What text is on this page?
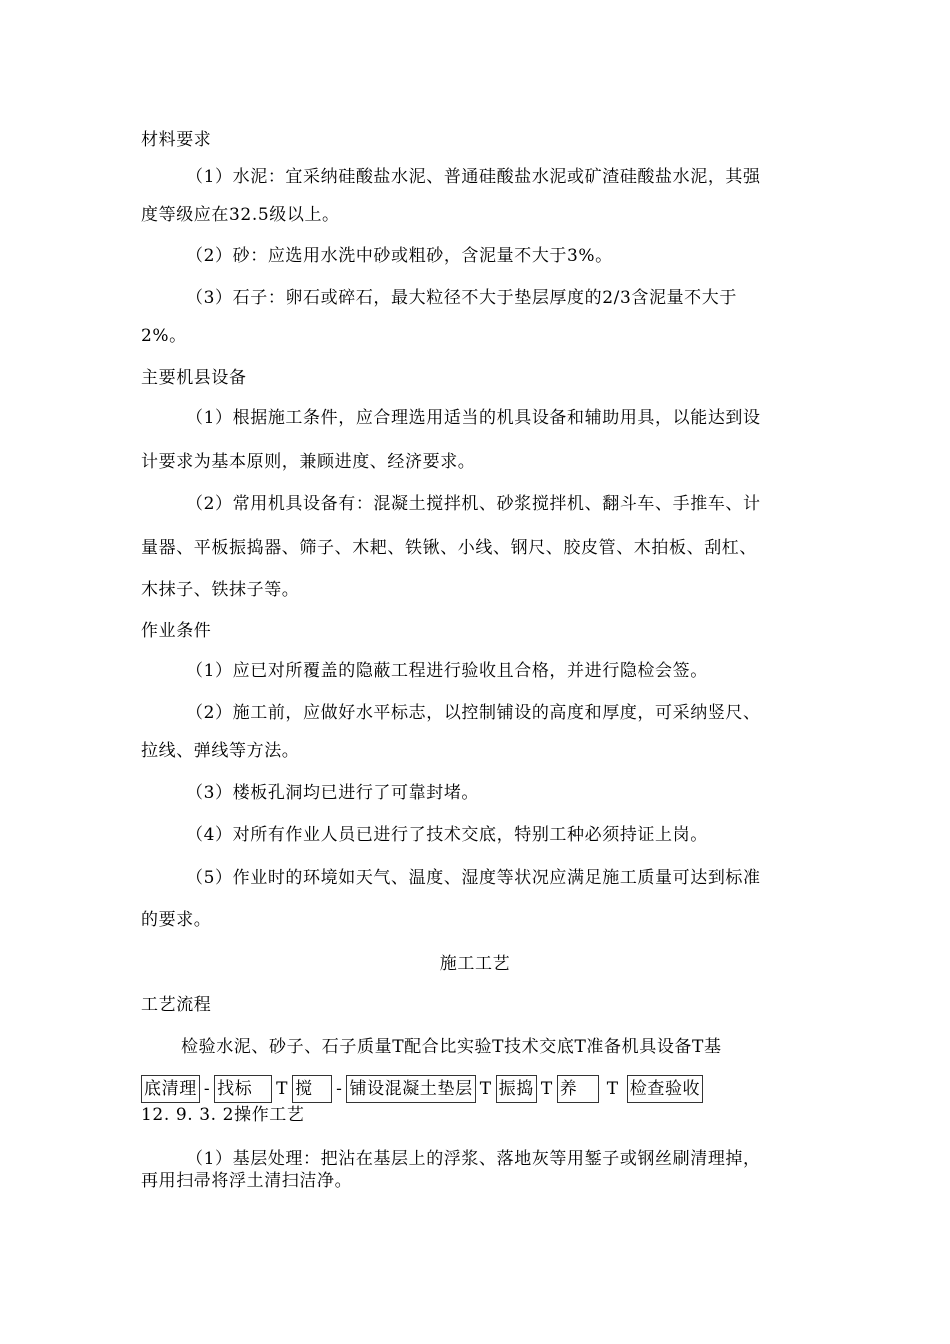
材料要求

（1）水泥：宜采纳硅酸盐水泥、普通硅酸盐水泥或矿渣硅酸盐水泥，其强

度等级应在32.5级以上。

（2）砂：应选用水洗中砂或粗砂，含泥量不大于3%。

（3）石子：卵石或碎石，最大粒径不大于垫层厚度的2/3含泥量不大于

2%。

主要机县设备

（1）根据施工条件，应合理选用适当的机具设备和辅助用具，以能达到设

计要求为基本原则，兼顾进度、经济要求。

（2）常用机具设备有：混凝土搅拌机、砂浆搅拌机、翻斗车、手推车、计

量器、平板振捣器、筛子、木耙、铁锹、小线、钢尺、胶皮管、木拍板、刮杠、

木抹子、铁抹子等。

作业条件

（1）应已对所覆盖的隐蔽工程进行验收且合格，并进行隐检会签。

（2）施工前，应做好水平标志，以控制铺设的高度和厚度，可采纳竖尺、

拉线、弹线等方法。

（3）楼板孔洞均已进行了可靠封堵。

（4）对所有作业人员已进行了技术交底，特别工种必须持证上岗。

（5）作业时的环境如天气、温度、湿度等状况应满足施工质量可达到标准

的要求。

施工工艺

工艺流程

检验水泥、砂子、石子质量T配合比实验T技术交底T准备机具设备T基

底清理 - 找标 T 搅 - 铺设混凝土垫层 T 振捣 T 养 T 检查验收

12. 9. 3. 2操作工艺

（1）基层处理：把沾在基层上的浮浆、落地灰等用錾子或钢丝刷清理掉，

再用扫帚将浮土清扫洁净。
